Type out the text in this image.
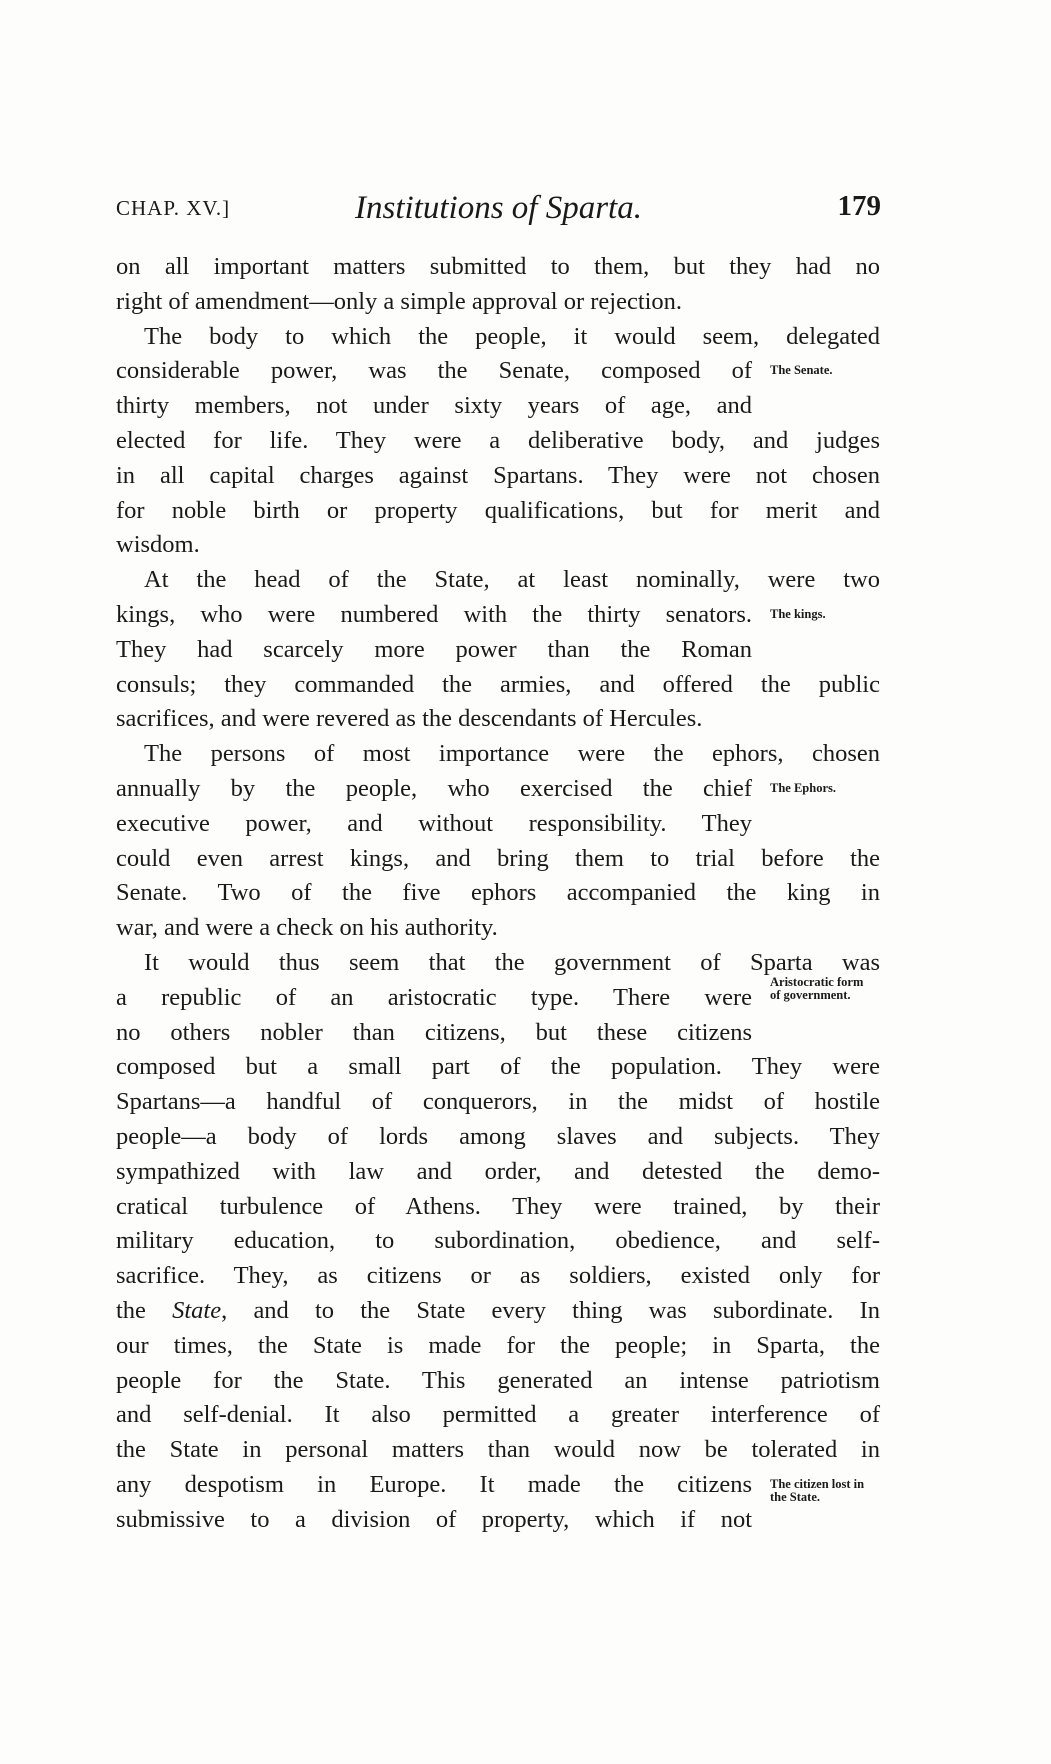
CHAP. XV.]	Institutions of Sparta.	179
on all important matters submitted to them, but they had no
right of amendment—only a simple approval or rejection.
The body to which the people, it would seem, delegated
considerable power, was the Senate, composed of
thirty members, not under sixty years of age, and
elected for life. They were a deliberative body, and judges
in all capital charges against Spartans. They were not chosen
for noble birth or property qualifications, but for merit and
wisdom.
At the head of the State, at least nominally, were two
kings, who were numbered with the thirty senators.
They had scarcely more power than the Roman
consuls; they commanded the armies, and offered the public
sacrifices, and were revered as the descendants of Hercules.
The persons of most importance were the ephors, chosen
annually by the people, who exercised the chief
executive power, and without responsibility. They
could even arrest kings, and bring them to trial before the
Senate. Two of the five ephors accompanied the king in
war, and were a check on his authority.
It would thus seem that the government of Sparta was
a republic of an aristocratic type. There were
no others nobler than citizens, but these citizens
composed but a small part of the population. They were
Spartans—a handful of conquerors, in the midst of hostile
people—a body of lords among slaves and subjects. They
sympathized with law and order, and detested the demo-
cratical turbulence of Athens. They were trained, by their
military education, to subordination, obedience, and self-
sacrifice. They, as citizens or as soldiers, existed only for
the State, and to the State every thing was subordinate. In
our times, the State is made for the people; in Sparta, the
people for the State. This generated an intense patriotism
and self-denial. It also permitted a greater interference of
the State in personal matters than would now be tolerated in
any despotism in Europe. It made the citizens
submissive to a division of property, which if not
The Senate.
The kings.
The Ephors.
Aristocratic form of government.
The citizen lost in the State.
